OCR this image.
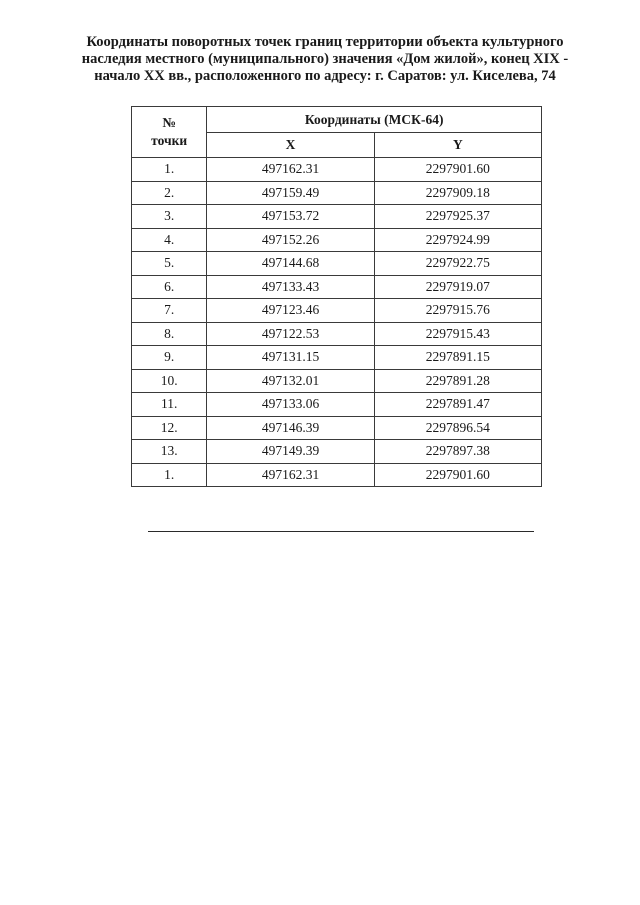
Координаты поворотных точек границ территории объекта культурного
наследия местного (муниципального) значения «Дом жилой», конец XIX -
начало XX вв., расположенного по адресу: г. Саратов: ул. Киселева, 74
№
точки	Координаты (МСК-64)	
	X	Y
1.	497162.31	2297901.60
2.	497159.49	2297909.18
3.	497153.72	2297925.37
4.	497152.26	2297924.99
5.	497144.68	2297922.75
6.	497133.43	2297919.07
7.	497123.46	2297915.76
8.	497122.53	2297915.43
9.	497131.15	2297891.15
10.	497132.01	2297891.28
11.	497133.06	2297891.47
12.	497146.39	2297896.54
13.	497149.39	2297897.38
1.	497162.31	2297901.60
